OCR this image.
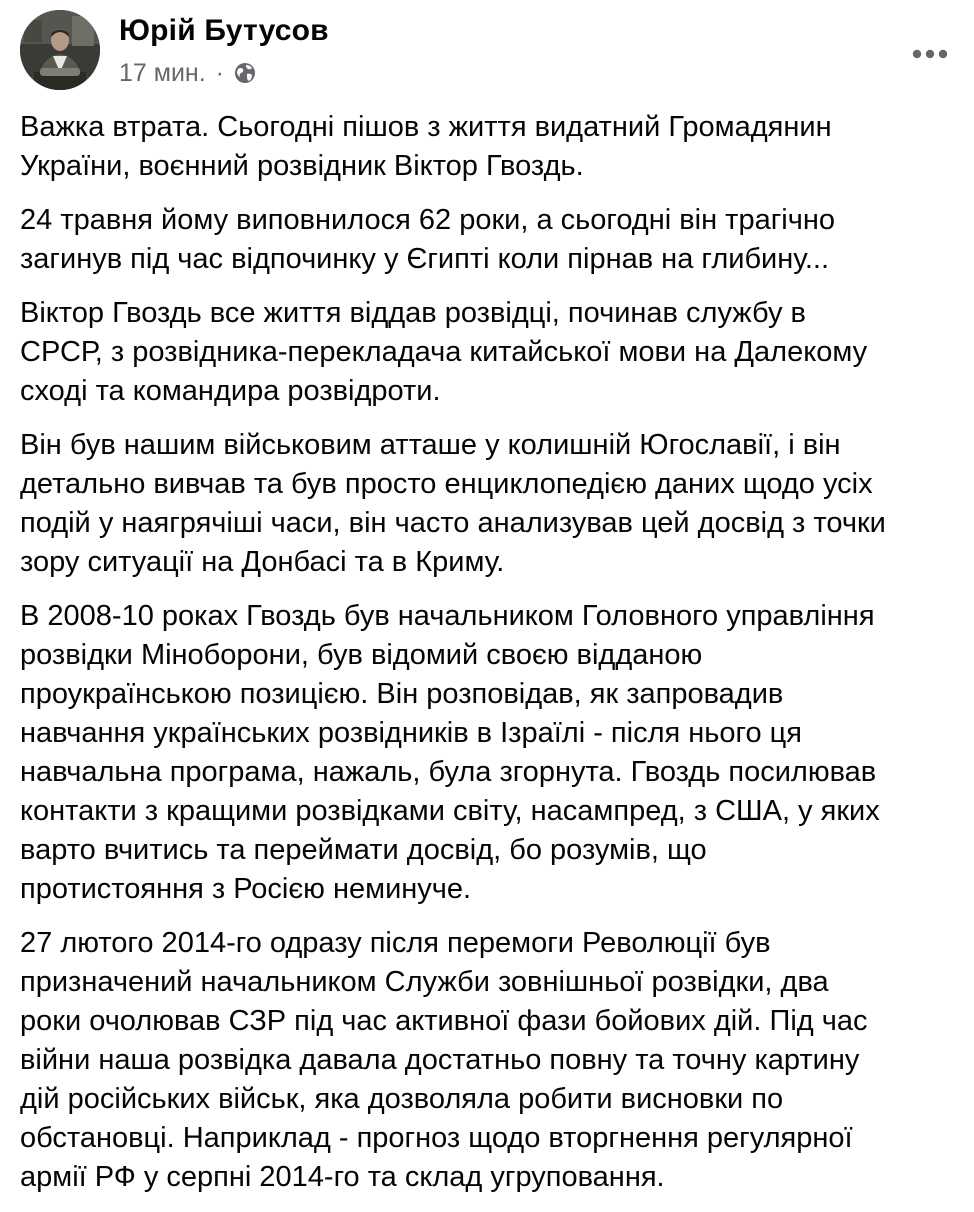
Юрій Бутусов
17 мин. ·

Важка втрата. Сьогодні пішов з життя видатний Громадянин
України, воєнний розвідник Віктор Гвоздь.

24 травня йому виповнилося 62 роки, а сьогодні він трагічно
загинув під час відпочинку у Єгипті коли пірнав на глибину...

Віктор Гвоздь все життя віддав розвідці, починав службу в
СРСР, з розвідника-перекладача китайської мови на Далекому
сході та командира розвідроти.

Він був нашим військовим атташе у колишній Югославії, і він
детально вивчав та був просто енциклопедією даних щодо усіх
подій у наягрячіші часи, він часто анализував цей досвід з точки
зору ситуації на Донбасі та в Криму.

В 2008-10 роках Гвоздь був начальником Головного управління
розвідки Міноборони, був відомий своєю відданою
проукраїнською позицією. Він розповідав, як запровадив
навчання українських розвідників в Ізраїлі - після нього ця
навчальна програма, нажаль, була згорнута. Гвоздь посилював
контакти з кращими розвідками світу, насампред, з США, у яких
варто вчитись та переймати досвід, бо розумів, що
протистояння з Росією неминуче.

27 лютого 2014-го одразу після перемоги Революції був
призначений начальником Служби зовнішньої розвідки, два
роки очолював СЗР під час активної фази бойових дій. Під час
війни наша розвідка давала достатньо повну та точну картину
дій російських військ, яка дозволяла робити висновки по
обстановці. Наприклад - прогноз щодо вторгнення регулярної
армії РФ у серпні 2014-го та склад угруповання.
